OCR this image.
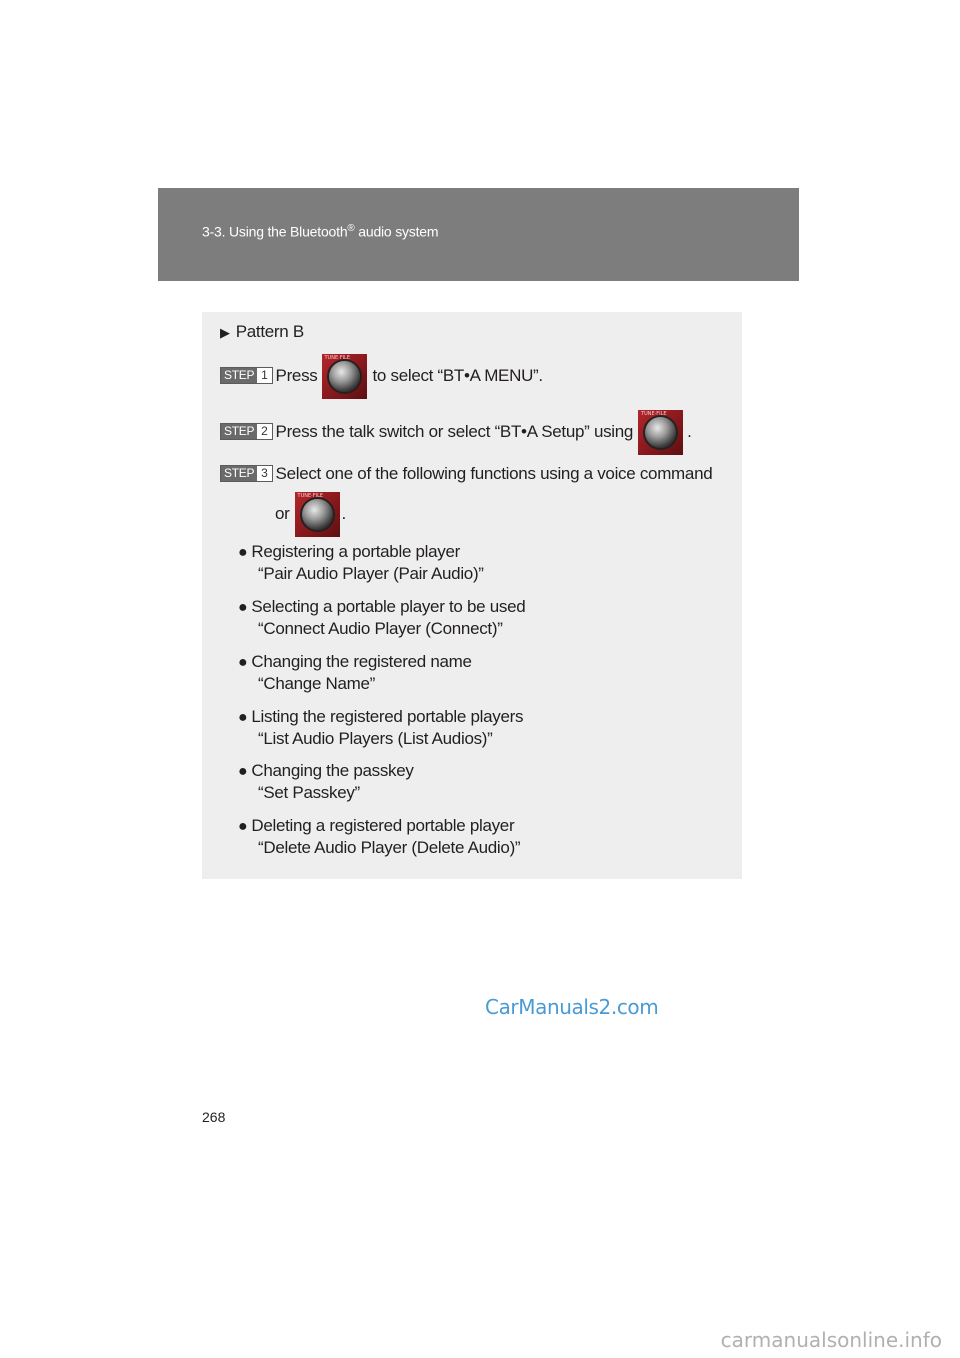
3-3. Using the Bluetooth® audio system
▶ Pattern B
STEP 1 Press
TUNE·FILE
to select “BT•A MENU”.
STEP 2 Press the talk switch or select “BT•A Setup” using
TUNE·FILE
.
STEP 3 Select one of the following functions using a voice command
or
TUNE·FILE
.
● Registering a portable player
“Pair Audio Player (Pair Audio)”
● Selecting a portable player to be used
“Connect Audio Player (Connect)”
● Changing the registered name
“Change Name”
● Listing the registered portable players
“List Audio Players (List Audios)”
● Changing the passkey
“Set Passkey”
● Deleting a registered portable player
“Delete Audio Player (Delete Audio)”
CarManuals2.com
268
carmanualsonline.info
